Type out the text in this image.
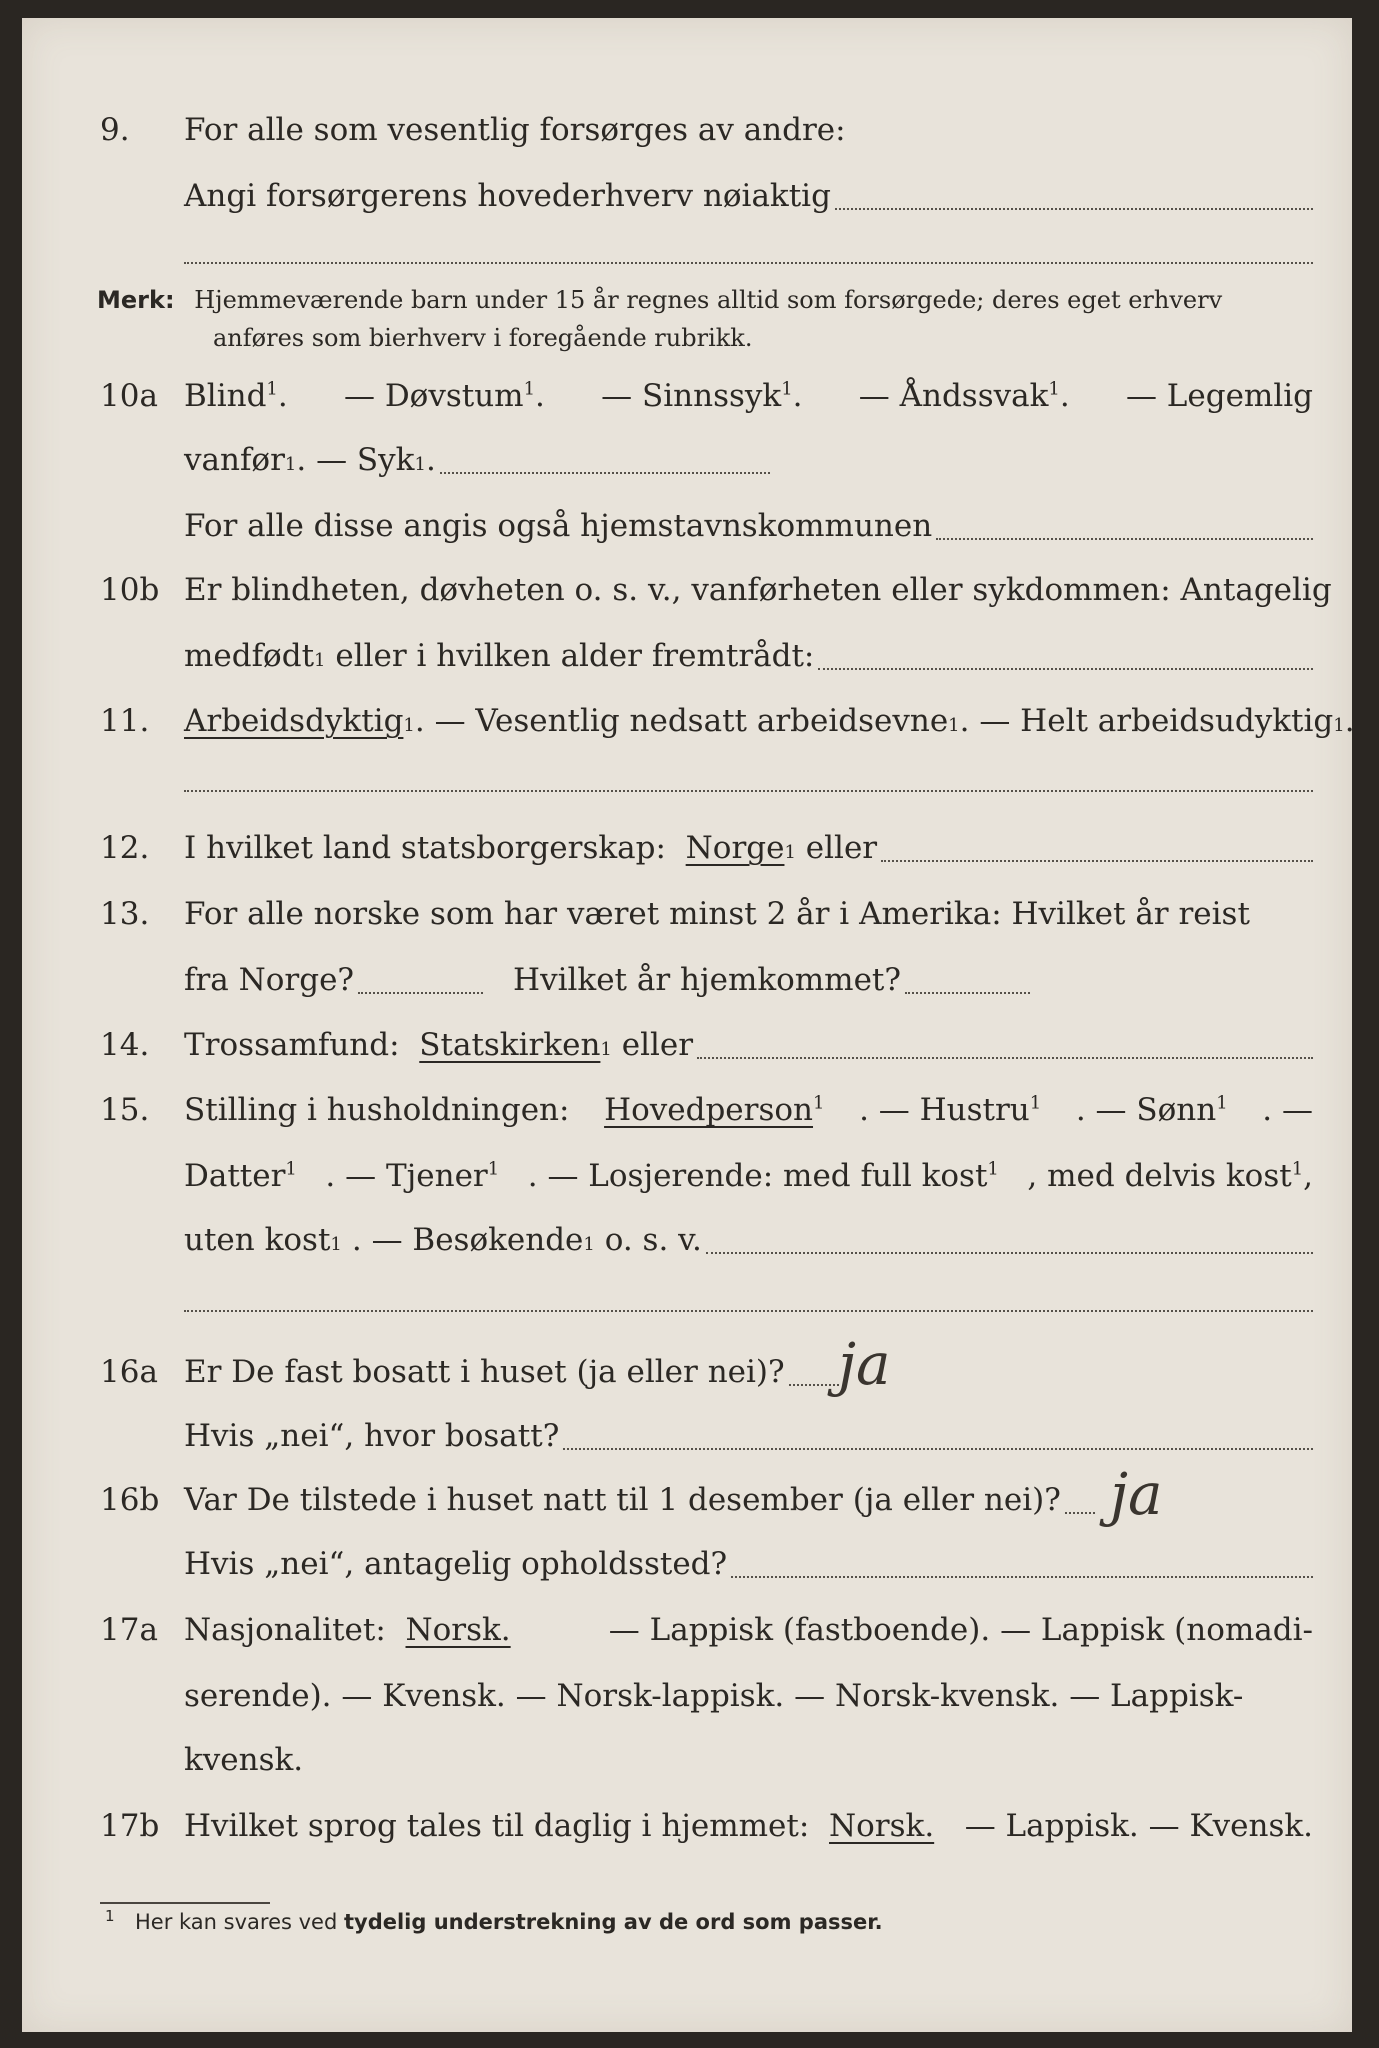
9.	For alle som vesentlig forsørges av andre:
Angi forsørgerens hovederhverv nøiaktig
Merk: Hjemmeværende barn under 15 år regnes alltid som forsørgede; deres eget erhverv
anføres som bierhverv i foregående rubrikk.
10a Blind$^1$. — Døvstum$^1$. — Sinnssyk$^1$. — Åndssvak$^1$. — Legemlig
vanfør 1 . — Syk 1 .
For alle disse angis også hjemstavnskommunen
10b Er blindheten, døvheten o. s. v., vanførheten eller sykdommen: Antagelig
medfødt 1
eller i hvilken alder fremtrådt:
11.	Arbeidsdyktig 1 . — Vesentlig nedsatt arbeidsevne 1 . — Helt arbeidsudyktig 1 .
12.	I hvilket land statsborgerskap:
Norge 1
eller
13.	For alle norske som har været minst 2 år i Amerika: Hvilket år reist
fra Norge?	Hvilket år hjemkommet?
14.	Trossamfund:
Statskirken 1
eller
15.	Stilling i husholdningen: Hovedperson$^1$ . — Hustru$^1$ . — Sønn$^1$ . —
Datter$^1$ . — Tjener$^1$ . — Losjerende: med full kost$^1$ , med delvis kost$^1$,
uten kost 1 . — Besøkende 1
o. s. v.
16a Er De fast bosatt i huset (ja eller nei)? ja
Hvis „nei“, hvor bosatt?
16b Var De tilstede i huset natt til 1 desember (ja eller nei)? ja
Hvis „nei“, antagelig opholdssted?
17a Nasjonalitet: Norsk.	— Lappisk (fastboende). — Lappisk (nomadi-
serende). — Kvensk. — Norsk-lappisk. — Norsk-kvensk. — Lappisk-
kvensk.
17b Hvilket sprog tales til daglig i hjemmet: Norsk. — Lappisk. — Kvensk.
1 Her kan svares ved tydelig understrekning av de ord som passer.
